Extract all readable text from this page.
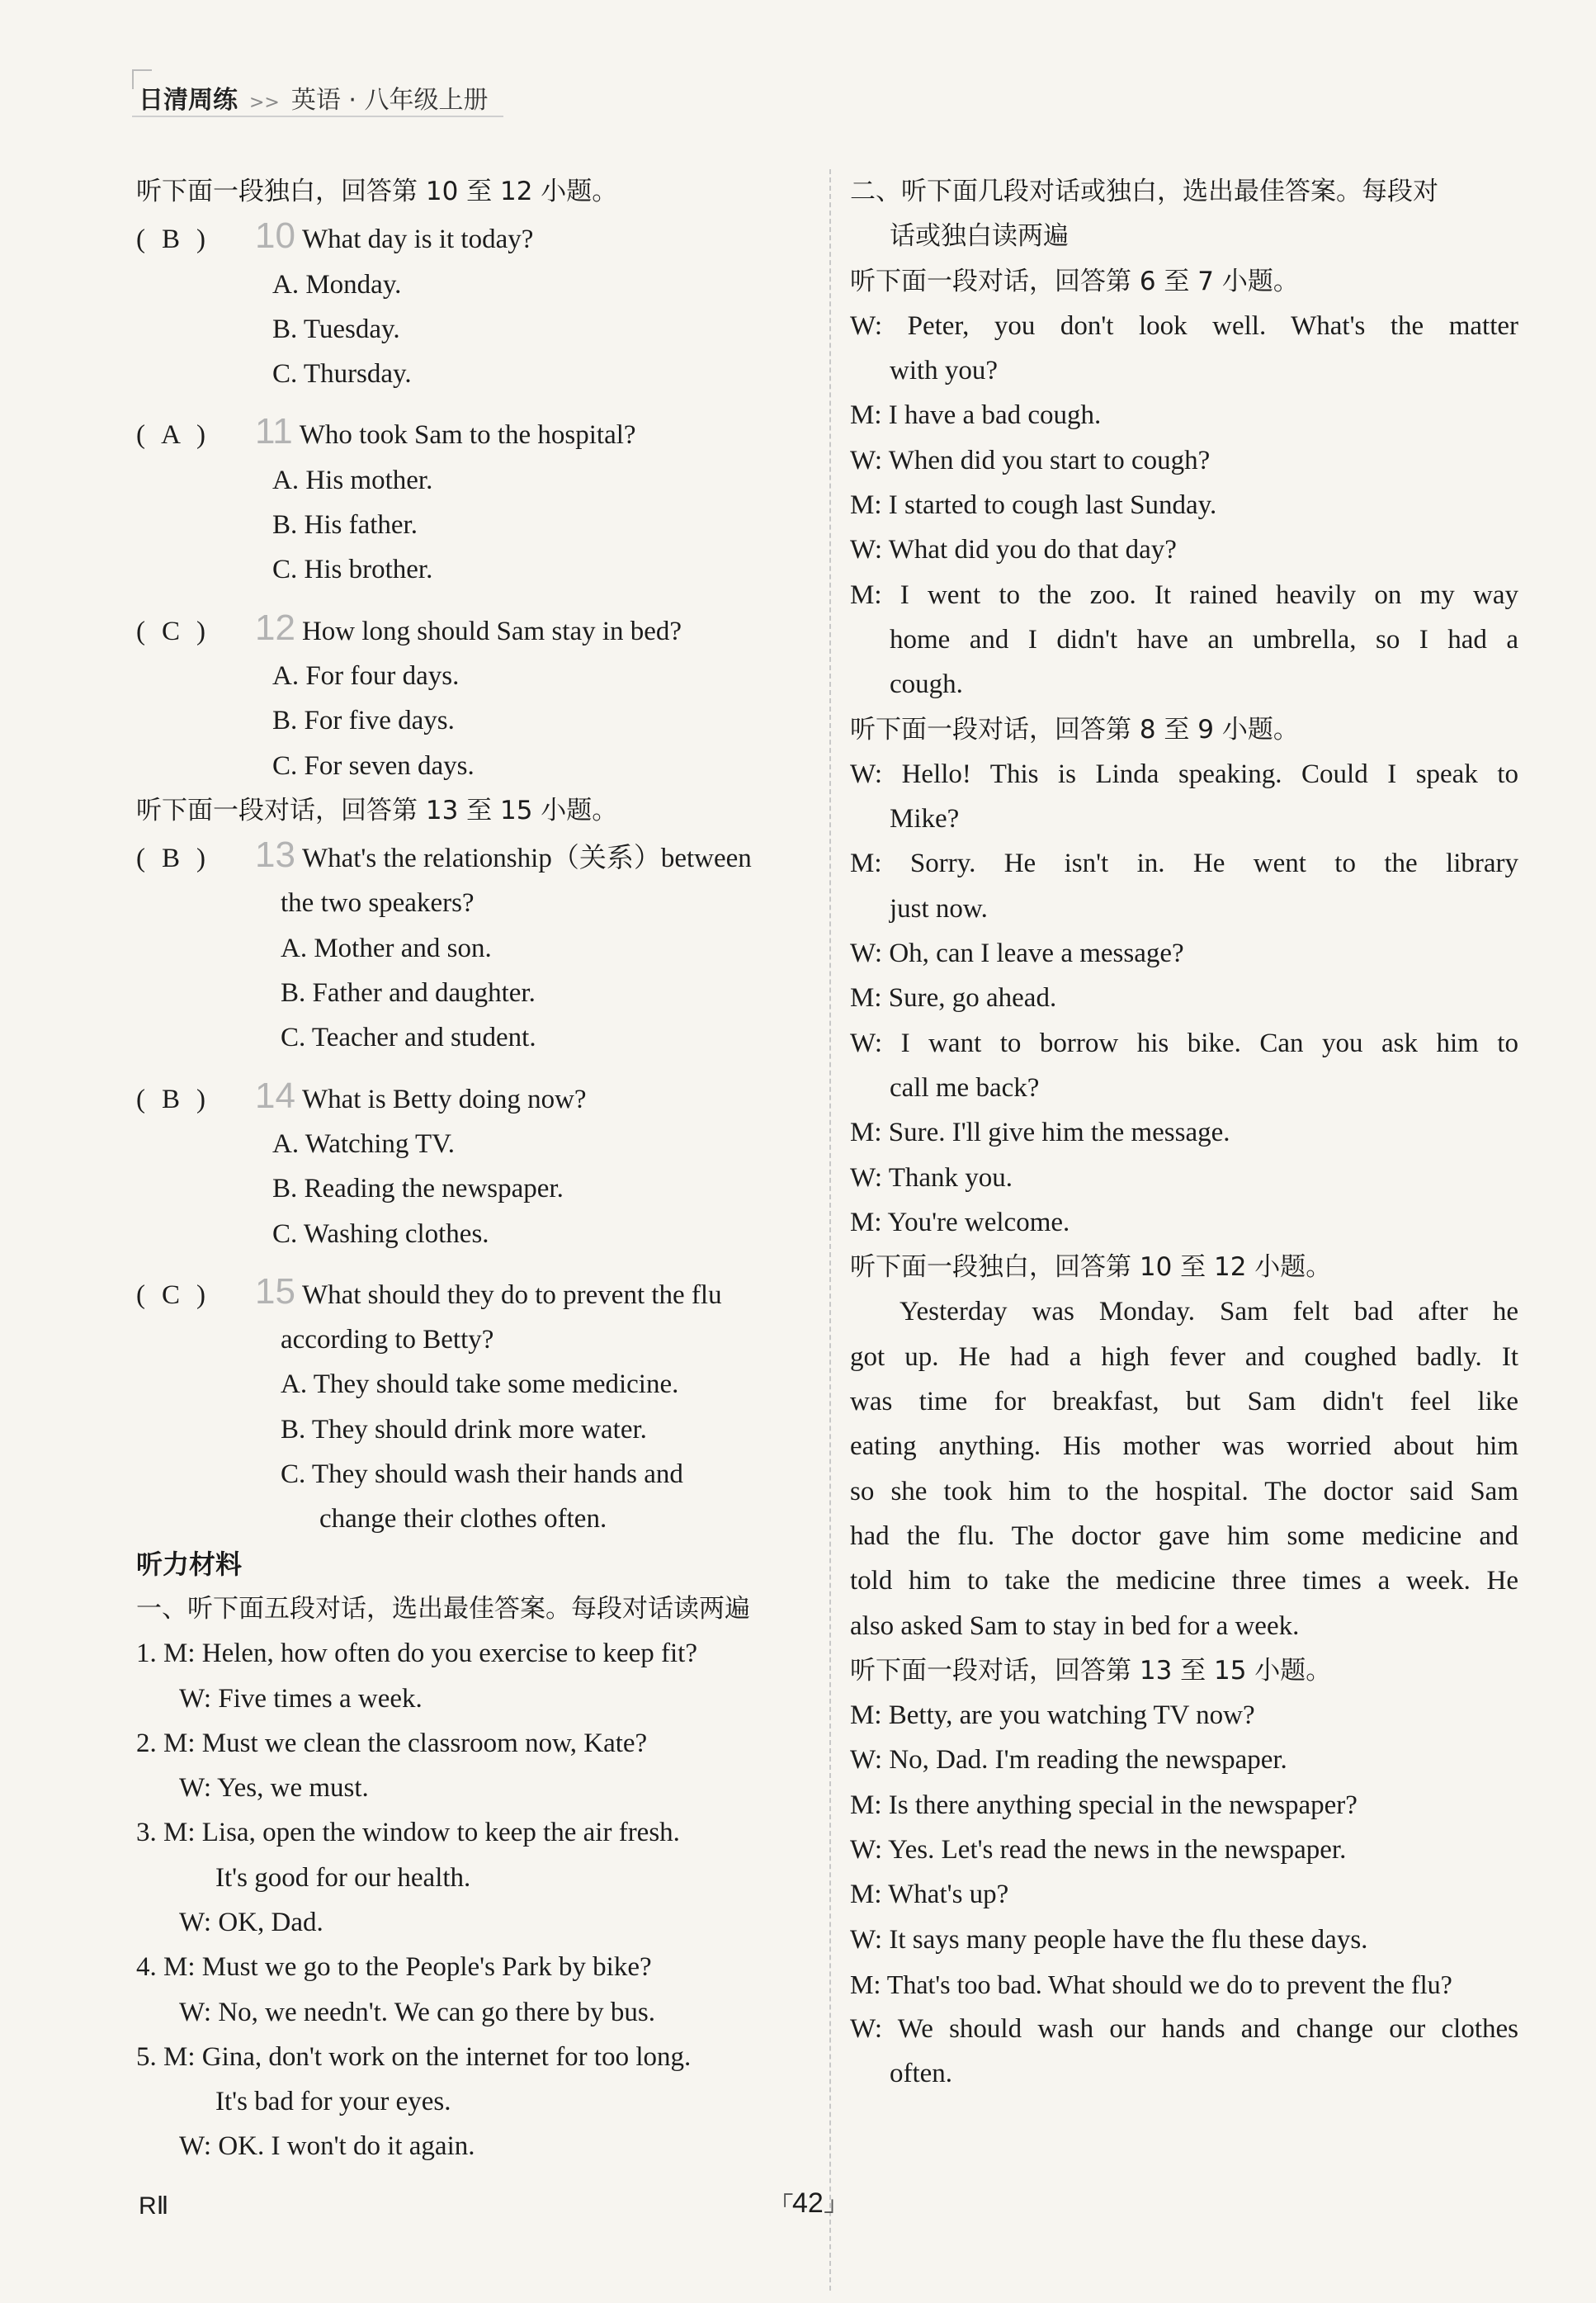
日清周练 >> 英语 · 八年级上册
听下面一段独白，回答第 10 至 12 小题。
( B )	10 What day is it today?
A. Monday.
B. Tuesday.
C. Thursday.
( A )	11 Who took Sam to the hospital?
A. His mother.
B. His father.
C. His brother.
( C )	12 How long should Sam stay in bed?
A. For four days.
B. For five days.
C. For seven days.
听下面一段对话，回答第 13 至 15 小题。
( B )	13 What's the relationship（关系）between
the two speakers?
A. Mother and son.
B. Father and daughter.
C. Teacher and student.
( B )	14 What is Betty doing now?
A. Watching TV.
B. Reading the newspaper.
C. Washing clothes.
( C )	15 What should they do to prevent the flu
according to Betty?
A. They should take some medicine.
B. They should drink more water.
C. They should wash their hands and
change their clothes often.
听力材料
一、听下面五段对话，选出最佳答案。每段对话读两遍
1. M: Helen, how often do you exercise to keep fit?
W: Five times a week.
2. M: Must we clean the classroom now, Kate?
W: Yes, we must.
3. M: Lisa, open the window to keep the air fresh.
It's good for our health.
W: OK, Dad.
4. M: Must we go to the People's Park by bike?
W: No, we needn't. We can go there by bus.
5. M: Gina, don't work on the internet for too long.
It's bad for your eyes.
W: OK. I won't do it again.
二、听下面几段对话或独白，选出最佳答案。每段对
话或独白读两遍
听下面一段对话，回答第 6 至 7 小题。
W: Peter, you don't look well. What's the matter
with you?
M: I have a bad cough.
W: When did you start to cough?
M: I started to cough last Sunday.
W: What did you do that day?
M: I went to the zoo. It rained heavily on my way
home and I didn't have an umbrella, so I had a
cough.
听下面一段对话，回答第 8 至 9 小题。
W: Hello! This is Linda speaking. Could I speak to
Mike?
M: Sorry. He isn't in. He went to the library
just now.
W: Oh, can I leave a message?
M: Sure, go ahead.
W: I want to borrow his bike. Can you ask him to
call me back?
M: Sure. I'll give him the message.
W: Thank you.
M: You're welcome.
听下面一段独白，回答第 10 至 12 小题。
Yesterday was Monday. Sam felt bad after he
got up. He had a high fever and coughed badly. It
was time for breakfast, but Sam didn't feel like
eating anything. His mother was worried about him
so she took him to the hospital. The doctor said Sam
had the flu. The doctor gave him some medicine and
told him to take the medicine three times a week. He
also asked Sam to stay in bed for a week.
听下面一段对话，回答第 13 至 15 小题。
M: Betty, are you watching TV now?
W: No, Dad. I'm reading the newspaper.
M: Is there anything special in the newspaper?
W: Yes. Let's read the news in the newspaper.
M: What's up?
W: It says many people have the flu these days.
M: That's too bad. What should we do to prevent the flu?
W: We should wash our hands and change our clothes
often.
RⅡ
┌	42 ┘
